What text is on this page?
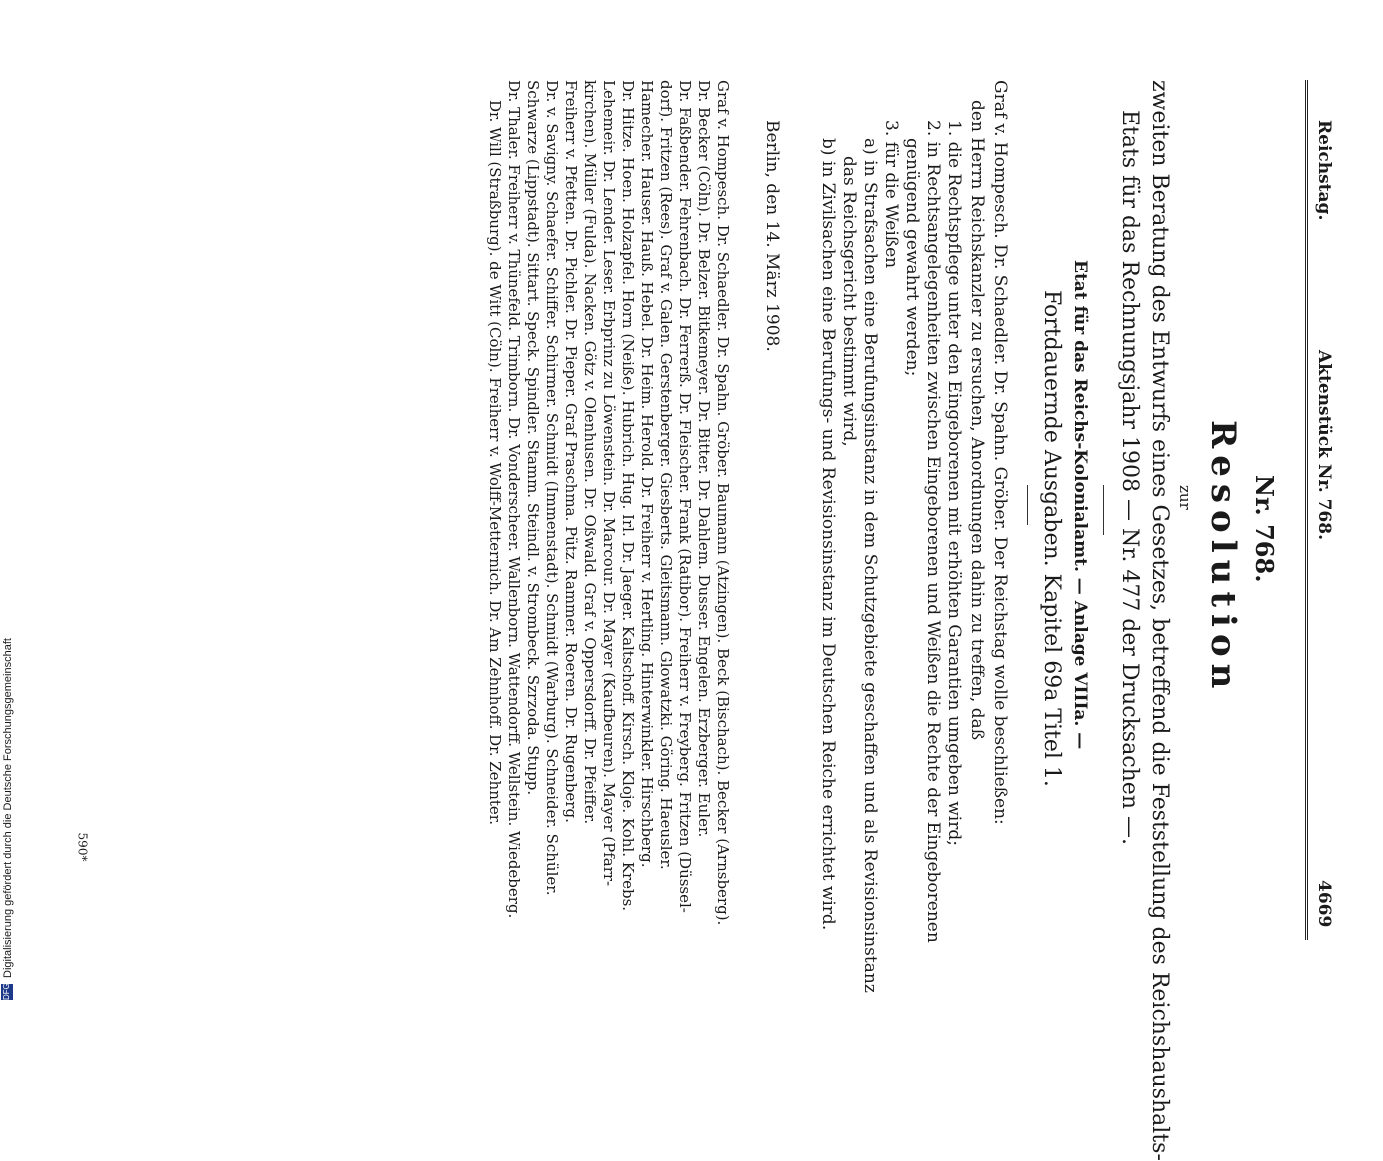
Reichstag.
Aktenstück Nr. 768.
4669
Nr. 768.
Resolution
zur
zweiten Beratung des Entwurfs eines Gesetzes, betreffend die Feststellung des Reichshaushalts-
Etats für das Rechnungsjahr 1908 — Nr. 477 der Drucksachen —.
Etat für das Reichs-Kolonialamt. — Anlage VIIIa. —
Fortdauernde Ausgaben. Kapitel 69a Titel 1.
Graf v. Hompesch. Dr. Schaedler. Dr. Spahn. Gröber. Der Reichstag wolle beschließen:
den Herrn Reichskanzler zu ersuchen, Anordnungen dahin zu treffen, daß
1. die Rechtspflege unter den Eingeborenen mit erhöhten Garantien umgeben wird;
2. in Rechtsangelegenheiten zwischen Eingeborenen und Weißen die Rechte der Eingeborenen
genügend gewahrt werden;
3. für die Weißen
a) in Strafsachen eine Berufungsinstanz in dem Schutzgebiete geschaffen und als Revisionsinstanz
das Reichsgericht bestimmt wird,
b) in Zivilsachen eine Berufungs- und Revisionsinstanz im Deutschen Reiche errichtet wird.
Berlin, den 14. März 1908.
Graf v. Hompesch. Dr. Schaedler. Dr. Spahn. Gröber. Baumann (Atzingen). Beck (Bischach). Becker (Arnsberg).
Dr. Becker (Cöln). Dr. Belzer. Bitkemeyer. Dr. Bitter. Dr. Dahlem. Dusser. Engelen. Erzberger. Euler.
Dr. Faßbender. Fehrenbach. Dr. Ferrerß. Dr. Fleischer. Frank (Ratibor). Freiherr v. Freyberg. Fritzen (Düssel-
dorf). Fritzen (Rees). Graf v. Galen. Gerstenberger. Giesberts. Gleitsmann. Glowatzki. Göring. Haeusler.
Hamecher. Hauser. Hauß. Hebel. Dr. Heim. Herold. Dr. Freiherr v. Hertling. Hinterwinkler. Hirschberg.
Dr. Hitze. Hoen. Holzapfel. Horn (Neiße). Hubrich. Hug. Irl. Dr. Jaeger. Kaltschoff. Kirsch. Kloje. Kohl. Krebs.
Lehemeir. Dr. Lender. Leser. Erbprinz zu Löwenstein. Dr. Marcour. Dr. Mayer (Kaufbeuren). Mayer (Pfarr-
kirchen). Müller (Fulda). Nacken. Götz v. Olenhusen. Dr. Oßwald. Graf v. Oppersdorff. Dr. Pfeiffer.
Freiherr v. Pfetten. Dr. Pichler. Dr. Pieper. Graf Praschma. Pütz. Rammer. Roeren. Dr. Rugenberg.
Dr. v. Savigny. Schaefer. Schiffer. Schirmer. Schmidt (Immenstadt). Schmidt (Warburg). Schneider. Schüler.
Schwarze (Lippstadt). Sittart. Speck. Spindler. Stamm. Steindl. v. Strombeck. Szrzoda. Stupp.
Dr. Thaler. Freiherr v. Thünefeld. Trimborn. Dr. Vonderscheer. Wallenborn. Wattendorff. Wellstein. Wiedeberg.
Dr. Will (Straßburg). de Witt (Cöln). Freiherr v. Wolff-Metternich. Dr. Am Zehnhoff. Dr. Zehnter.
DFG
Digitalisierung gefördert durch die Deutsche Forschungsgemeinschaft	590*
